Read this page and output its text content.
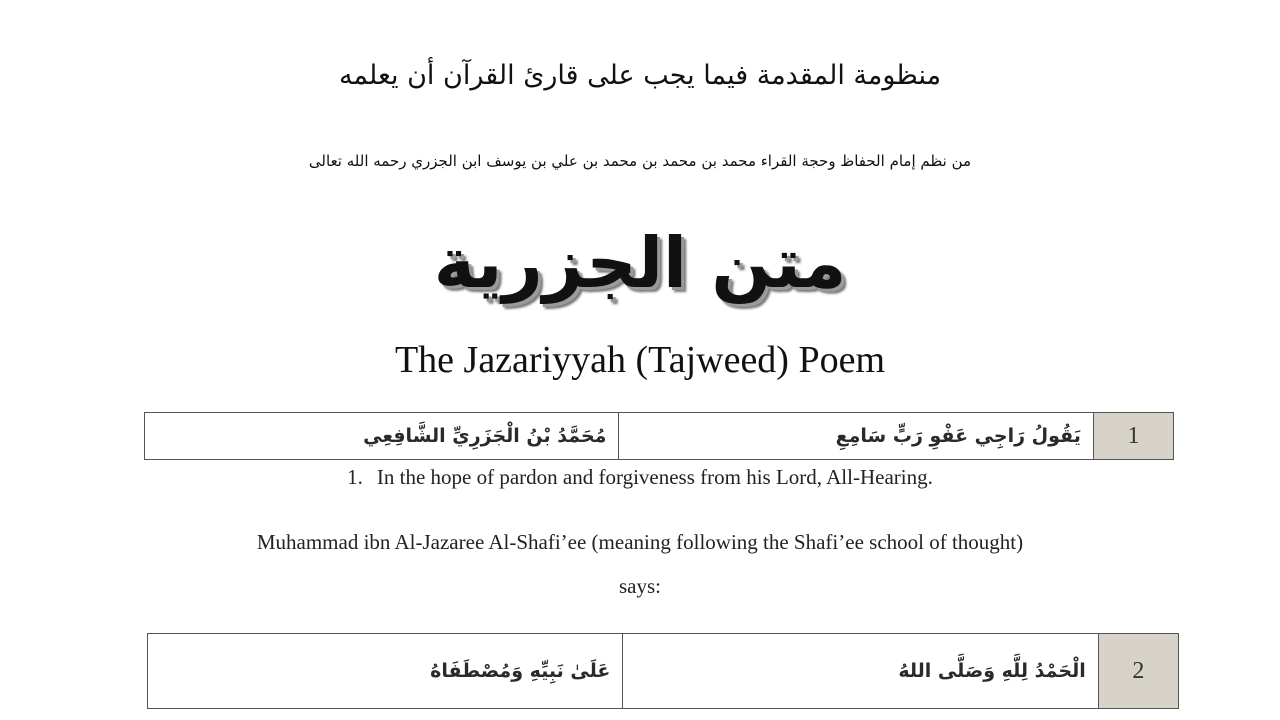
منظومة المقدمة فيما يجب على قارئ القرآن أن يعلمه
من نظم إمام الحفاظ وحجة القراء محمد بن محمد بن محمد بن علي بن يوسف ابن الجزري رحمه الله تعالى
متن الجزرية
The Jazariyyah (Tajweed) Poem
مُحَمَّدُ بْنُ الْجَزَرِيِّ الشَّافِعِي	يَقُولُ رَاجِي عَفْوِ رَبٍّ سَامِعِ	1
1. In the hope of pardon and forgiveness from his Lord, All-Hearing.
Muhammad ibn Al-Jazaree Al-Shafi’ee (meaning following the Shafi’ee school of thought)
says:
عَلَىٰ نَبِيِّهِ وَمُصْطَفَاهُ	الْحَمْدُ لِلَّهِ وَصَلَّى اللهُ	2
